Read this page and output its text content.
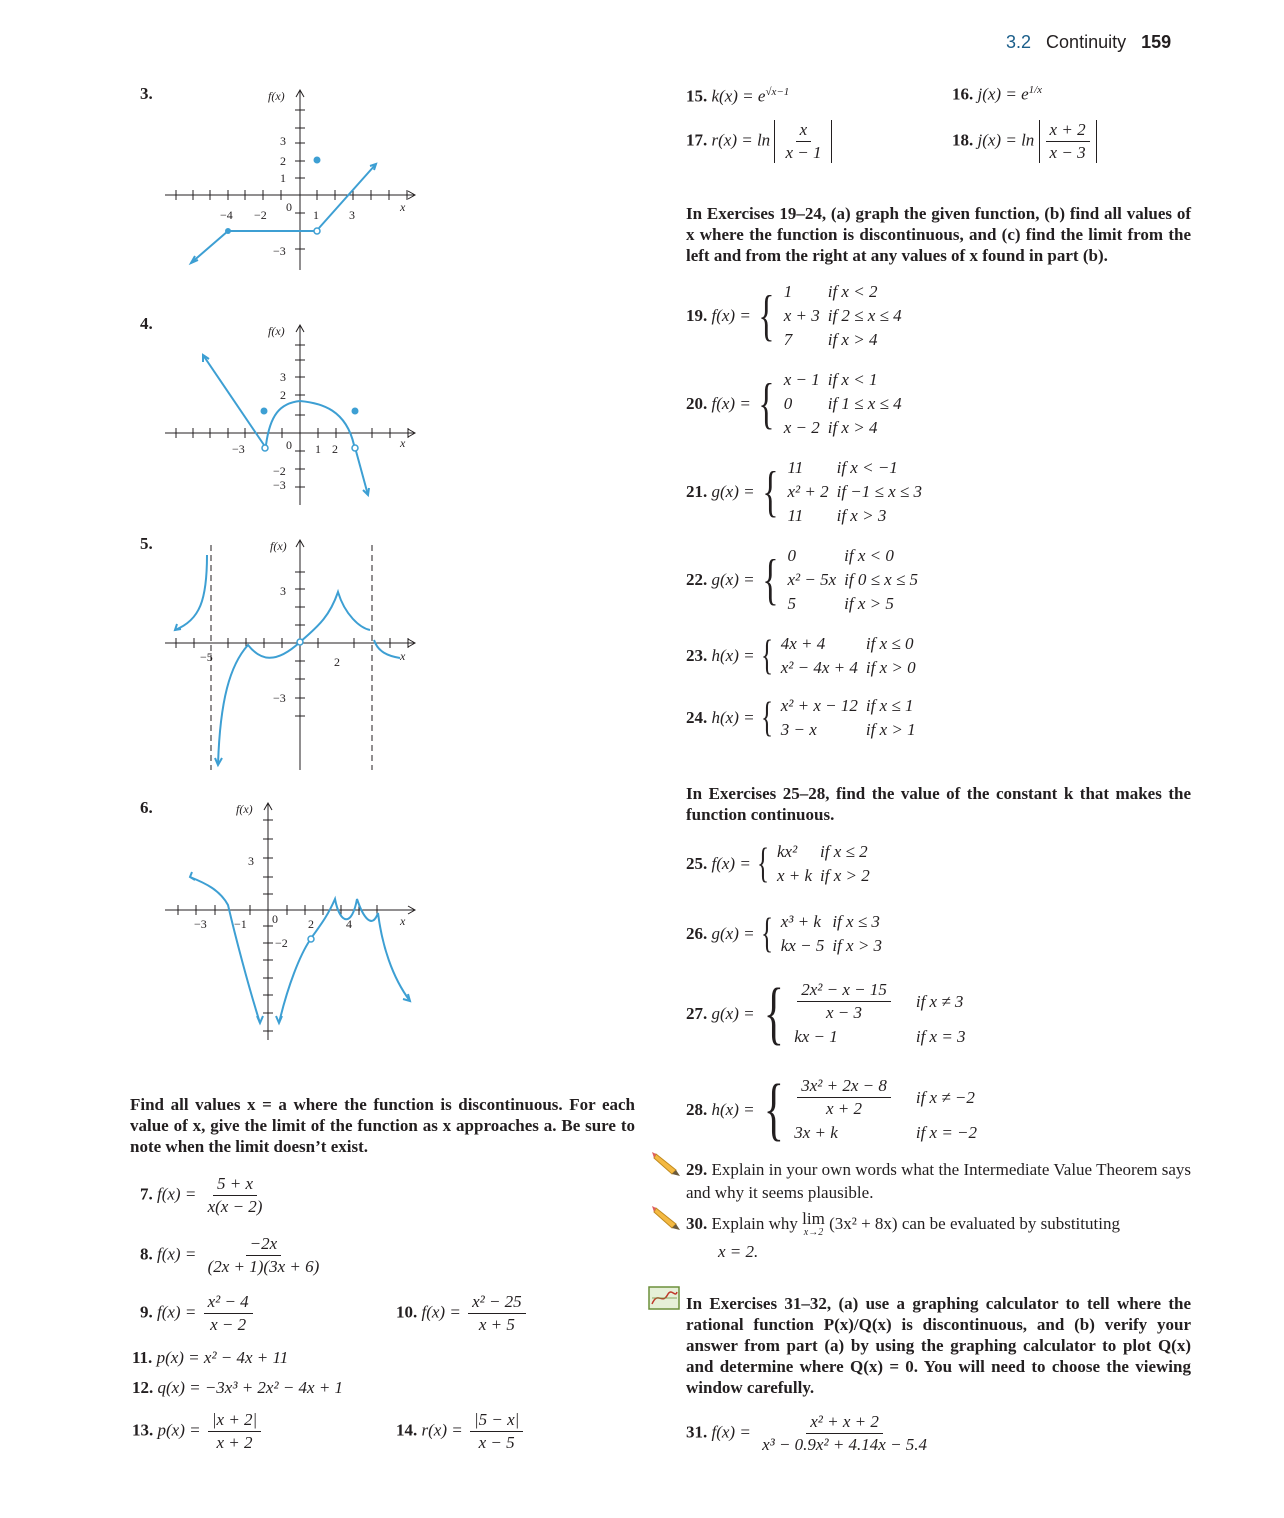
3.2 Continuity 159
3.	f(x)
x
−4 −2
0
1	3
3
2
1
−3
4.	f(x)
x
−3	0 1 2
3
2
−2
−3
5.	f(x)
x
−5	2
3
−3
6.	f(x)
x
−3 −1 0	2	4
3
−2
Find all values x = a where the function is discontinuous. For each value of x, give the limit of the function as x approaches a. Be sure to note when the limit doesn’t exist.
7. $f(x) = \frac{5 + x}{x(x - 2)}$
8. $f(x) = \frac{-2x}{(2x + 1)(3x + 6)}$
9. $f(x) = \frac{\text{x² − 4}}{x - 2}$	10. $f(x) = \frac{\text{x² − 25}}{x + 5}$
11. p(x) = x² − 4x + 11
12. q(x) = −3x³ + 2x² − 4x + 1
13. $p(x) = \frac{|x + 2|}{x + 2}$	14. $r(x) = \frac{|5 - x|}{x - 5}$
15. $k(x) = e^{√x-1}$	16. $j(x) = e^{1/x}$
17. $r(x) = \ln \frac{x}{x - 1}$	18. $j(x) = \ln \frac{x + 2}{x - 3}$
In Exercises 19–24, (a) graph the given function, (b) find all values of x where the function is discontinuous, and (c) find the limit from the left and from the right at any values of x found in part (b).
19.
f(x) = { 1	if x < 2
x + 3	if 2 ≤ x ≤ 4
7	if x > 4
20.
f(x) = { x − 1	if x < 1
0	if 1 ≤ x ≤ 4
x − 2	if x > 4
21.
g(x) = { 11	if x < −1
x² + 2	if −1 ≤ x ≤ 3
11	if x > 3
22.
g(x) = { 0	if x < 0
x² − 5x	if 0 ≤ x ≤ 5
5	if x > 5
23.
h(x) = { 4x + 4	if x ≤ 0
x² − 4x + 4	if x > 0
24.
h(x) = { x² + x − 12	if x ≤ 1
3 − x	if x > 1
In Exercises 25–28, find the value of the constant k that makes the function continuous.
25.
f(x) = { kx²	if x ≤ 2
x + k	if x > 2
26.
g(x) = { x³ + k	if x ≤ 3
kx − 5	if x > 3
27.
g(x) = { $\frac{\text{2x² − x − 15}}{x - 3}$	if x ≠ 3
kx − 1	if x = 3
28.
h(x) = { $\frac{\text{3x² + 2x − 8}}{x + 2}$	if x ≠ −2
3x + k	if x = −2
29. Explain in your own words what the Intermediate Value Theorem says and why it seems plausible.
30. Explain why lim
x→2 (3x² + 8x) can be evaluated by substituting
x = 2.
In Exercises 31–32, (a) use a graphing calculator to tell where the rational function P(x)/Q(x) is discontinuous, and (b) verify your answer from part (a) by using the graphing calculator to plot Q(x) and determine where Q(x) = 0. You will need to choose the viewing window carefully.
31. $f(x) = \frac{\text{x² + x + 2}}{\text{x³ − 0.9x² + 4.14x − 5.4}}$
